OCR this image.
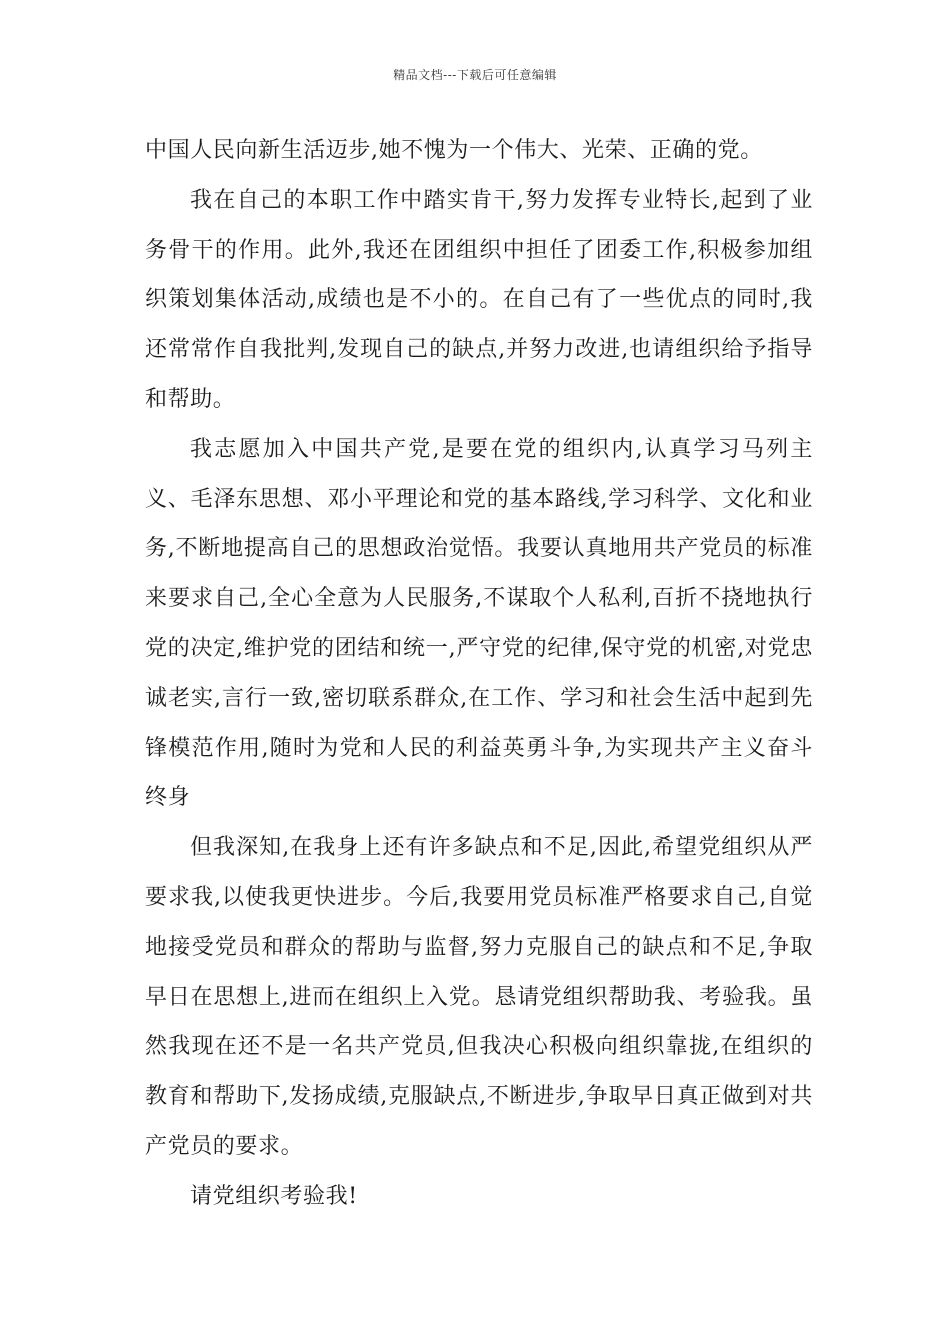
精品文档---下载后可任意编辑

中国人民向新生活迈步,她不愧为一个伟大、光荣、正确的党。

我在自己的本职工作中踏实肯干,努力发挥专业特长,起到了业务骨干的作用。此外,我还在团组织中担任了团委工作,积极参加组织策划集体活动,成绩也是不小的。在自己有了一些优点的同时,我还常常作自我批判,发现自己的缺点,并努力改进,也请组织给予指导和帮助。

我志愿加入中国共产党,是要在党的组织内,认真学习马列主义、毛泽东思想、邓小平理论和党的基本路线,学习科学、文化和业务,不断地提高自己的思想政治觉悟。我要认真地用共产党员的标准来要求自己,全心全意为人民服务,不谋取个人私利,百折不挠地执行党的决定,维护党的团结和统一,严守党的纪律,保守党的机密,对党忠诚老实,言行一致,密切联系群众,在工作、学习和社会生活中起到先锋模范作用,随时为党和人民的利益英勇斗争,为实现共产主义奋斗终身

但我深知,在我身上还有许多缺点和不足,因此,希望党组织从严要求我,以使我更快进步。今后,我要用党员标准严格要求自己,自觉地接受党员和群众的帮助与监督,努力克服自己的缺点和不足,争取早日在思想上,进而在组织上入党。恳请党组织帮助我、考验我。虽然我现在还不是一名共产党员,但我决心积极向组织靠拢,在组织的教育和帮助下,发扬成绩,克服缺点,不断进步,争取早日真正做到对共产党员的要求。

请党组织考验我!
